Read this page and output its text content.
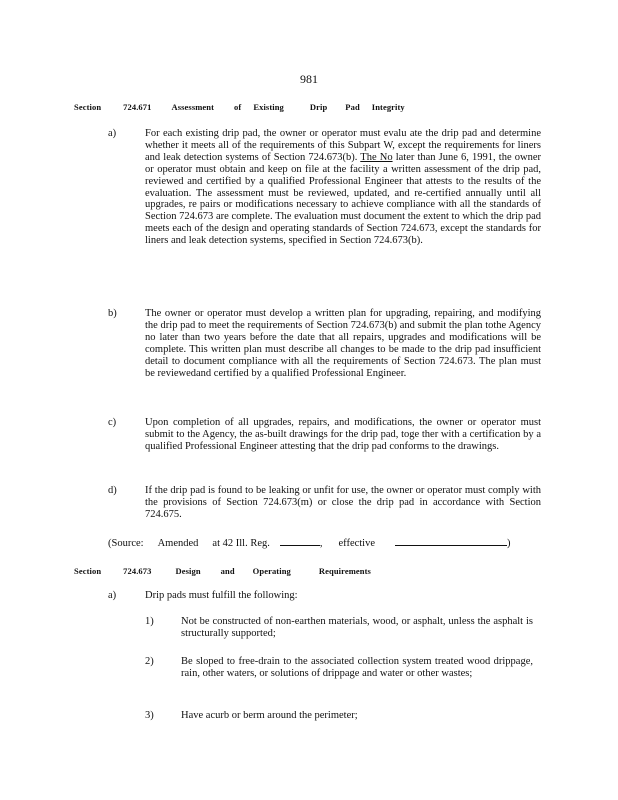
981
Section	724.671 Assessment of Existing	Drip Pad Integrity
a)	For each existing drip pad, the owner or operator must evalu ate the drip pad and determine whether it meets all of the requirements of this Subpart W, except the requirements for liners and leak detection systems of Section 724.673(b). The No later than June 6, 1991, the owner or operator must obtain and keep on file at the facility a written assessment of the drip pad, reviewed and certified by a qualified Professional Engineer that attests to the results of the evaluation. The assessment must be reviewed, updated, and re-certified annually until all upgrades, re pairs or modifications necessary to achieve compliance with all the standards of Section 724.673 are complete. The evaluation must document the extent to which the drip pad meets each of the design and operating standards of Section 724.673, except the standards for liners and leak detection systems, specified in Section 724.673(b).
b)	The owner or operator must develop a written plan for upgrading, repairing, and modifying the drip pad to meet the requirements of Section 724.673(b) and submit the plan tothe Agency no later than two years before the date that all repairs, upgrades and modifications will be complete. This written plan must describe all changes to be made to the drip pad insufficient detail to document compliance with all the requirements of Section 724.673. The plan must be reviewedand certified by a qualified Professional Engineer.
c)	Upon completion of all upgrades, repairs, and modifications, the owner or operator must submit to the Agency, the as-built drawings for the drip pad, toge ther with a certification by a qualified Professional Engineer attesting that the drip pad conforms to the drawings.
d)	If the drip pad is found to be leaking or unfit for use, the owner or operator must comply with the provisions of Section 724.673(m) or close the drip pad in accordance with Section 724.675.
(Source: Amended at 42 Ill. Reg.	, effective	)
Section	724.673	Design and Operating	Requirements
a)	Drip pads must fulfill the following:
1)	Not be constructed of non-earthen materials, wood, or asphalt, unless the asphalt is structurally supported;
2)	Be sloped to free-drain to the associated collection system treated wood drippage, rain, other waters, or solutions of drippage and water or other wastes;
3)	Have acurb or berm around the perimeter;
